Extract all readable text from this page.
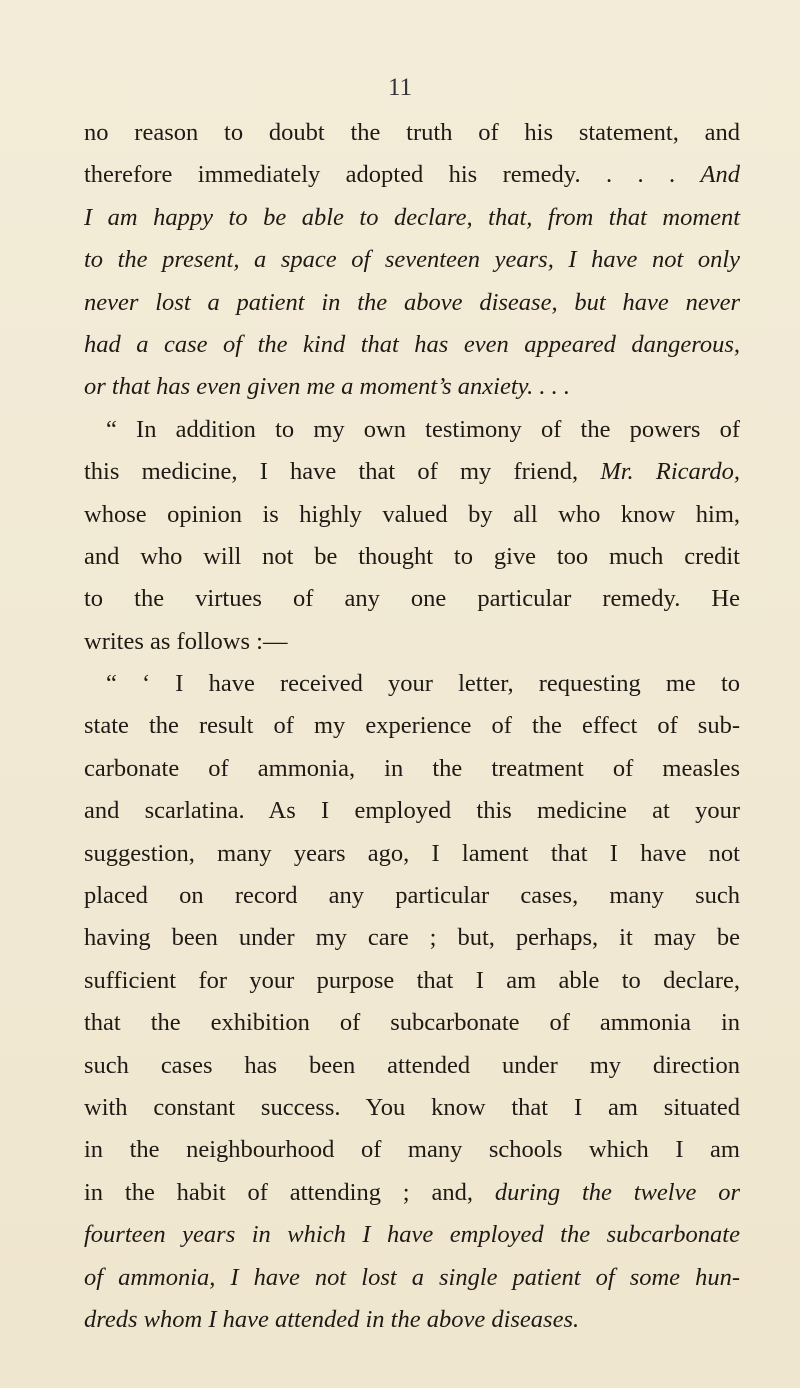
11
no reason to doubt the truth of his statement, and
therefore immediately adopted his remedy. . . . And
I am happy to be able to declare, that, from that moment
to the present, a space of seventeen years, I have not only
never lost a patient in the above disease, but have never
had a case of the kind that has even appeared dangerous,
or that has even given me a moment’s anxiety. . . .
“ In addition to my own testimony of the powers of
this medicine, I have that of my friend, Mr. Ricardo,
whose opinion is highly valued by all who know him,
and who will not be thought to give too much credit
to the virtues of any one particular remedy. He
writes as follows :—
“ ‘ I have received your letter, requesting me to
state the result of my experience of the effect of sub-
carbonate of ammonia, in the treatment of measles
and scarlatina. As I employed this medicine at your
suggestion, many years ago, I lament that I have not
placed on record any particular cases, many such
having been under my care ; but, perhaps, it may be
sufficient for your purpose that I am able to declare,
that the exhibition of subcarbonate of ammonia in
such cases has been attended under my direction
with constant success. You know that I am situated
in the neighbourhood of many schools which I am
in the habit of attending ; and, during the twelve or
fourteen years in which I have employed the subcarbonate
of ammonia, I have not lost a single patient of some hun-
dreds whom I have attended in the above diseases.
